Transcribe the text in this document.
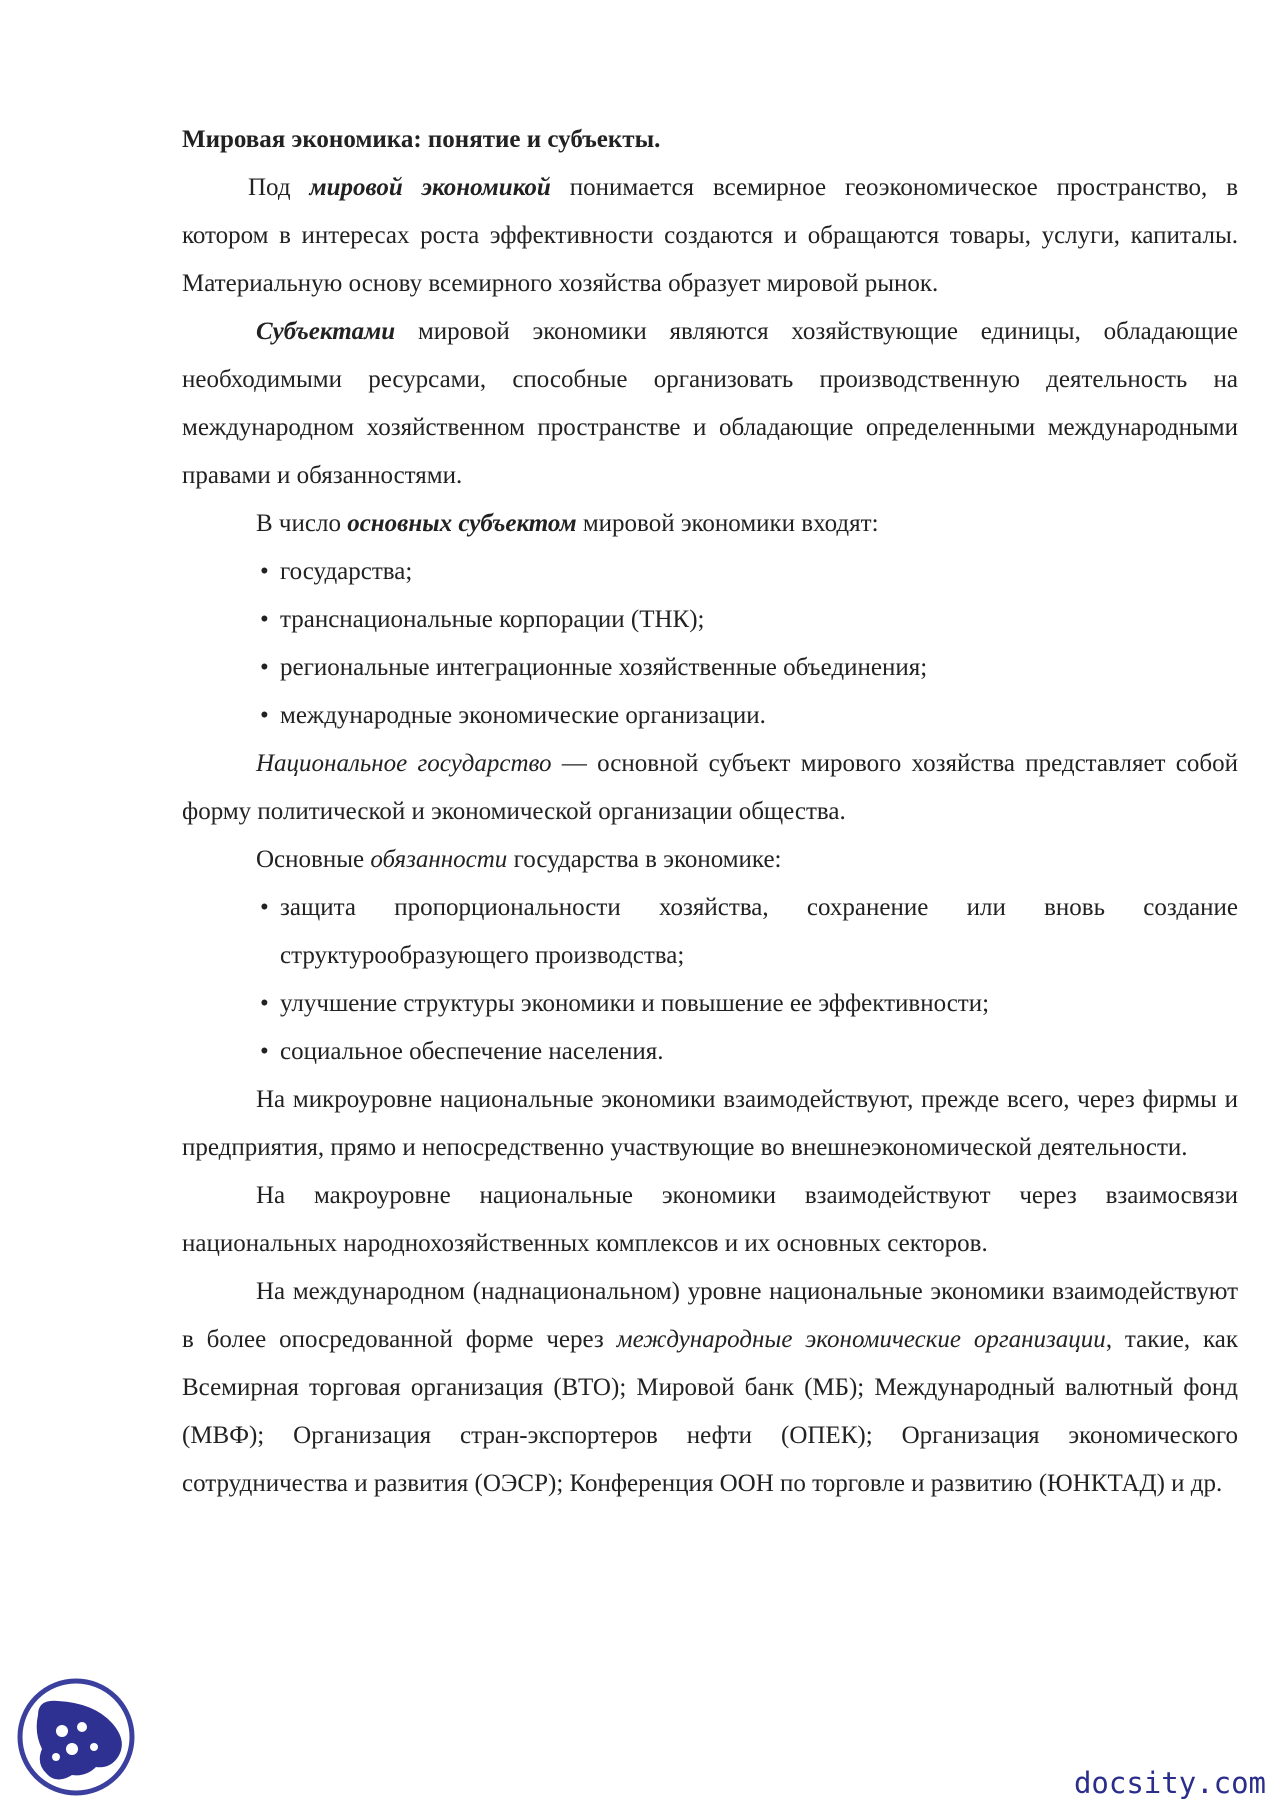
Мировая экономика: понятие и субъекты.

Под мировой экономикой понимается всемирное геоэкономическое пространство, в котором в интересах роста эффективности создаются и обращаются товары, услуги, капиталы. Материальную основу всемирного хозяйства образует мировой рынок.

Субъектами мировой экономики являются хозяйствующие единицы, обладающие необходимыми ресурсами, способные организовать производственную деятельность на международном хозяйственном пространстве и обладающие определенными международными правами и обязанностями.

В число основных субъектом мировой экономики входят:

• государства;
• транснациональные корпорации (ТНК);
• региональные интеграционные хозяйственные объединения;
• международные экономические организации.

Национальное государство — основной субъект мирового хозяйства представляет собой форму политической и экономической организации общества.

Основные обязанности государства в экономике:

• защита пропорциональности хозяйства, сохранение или вновь создание структурообразующего производства;
• улучшение структуры экономики и повышение ее эффективности;
• социальное обеспечение населения.

На микроуровне национальные экономики взаимодействуют, прежде всего, через фирмы и предприятия, прямо и непосредственно участвующие во внешнеэкономической деятельности.

На макроуровне национальные экономики взаимодействуют через взаимосвязи национальных народнохозяйственных комплексов и их основных секторов.

На международном (наднациональном) уровне национальные экономики взаимодействуют в более опосредованной форме через международные экономические организации, такие, как Всемирная торговая организация (ВТО); Мировой банк (МБ); Международный валютный фонд (МВФ); Организация стран-экспортеров нефти (ОПЕК); Организация экономического сотрудничества и развития (ОЭСР); Конференция ООН по торговле и развитию (ЮНКТАД) и др.

docsity.com
